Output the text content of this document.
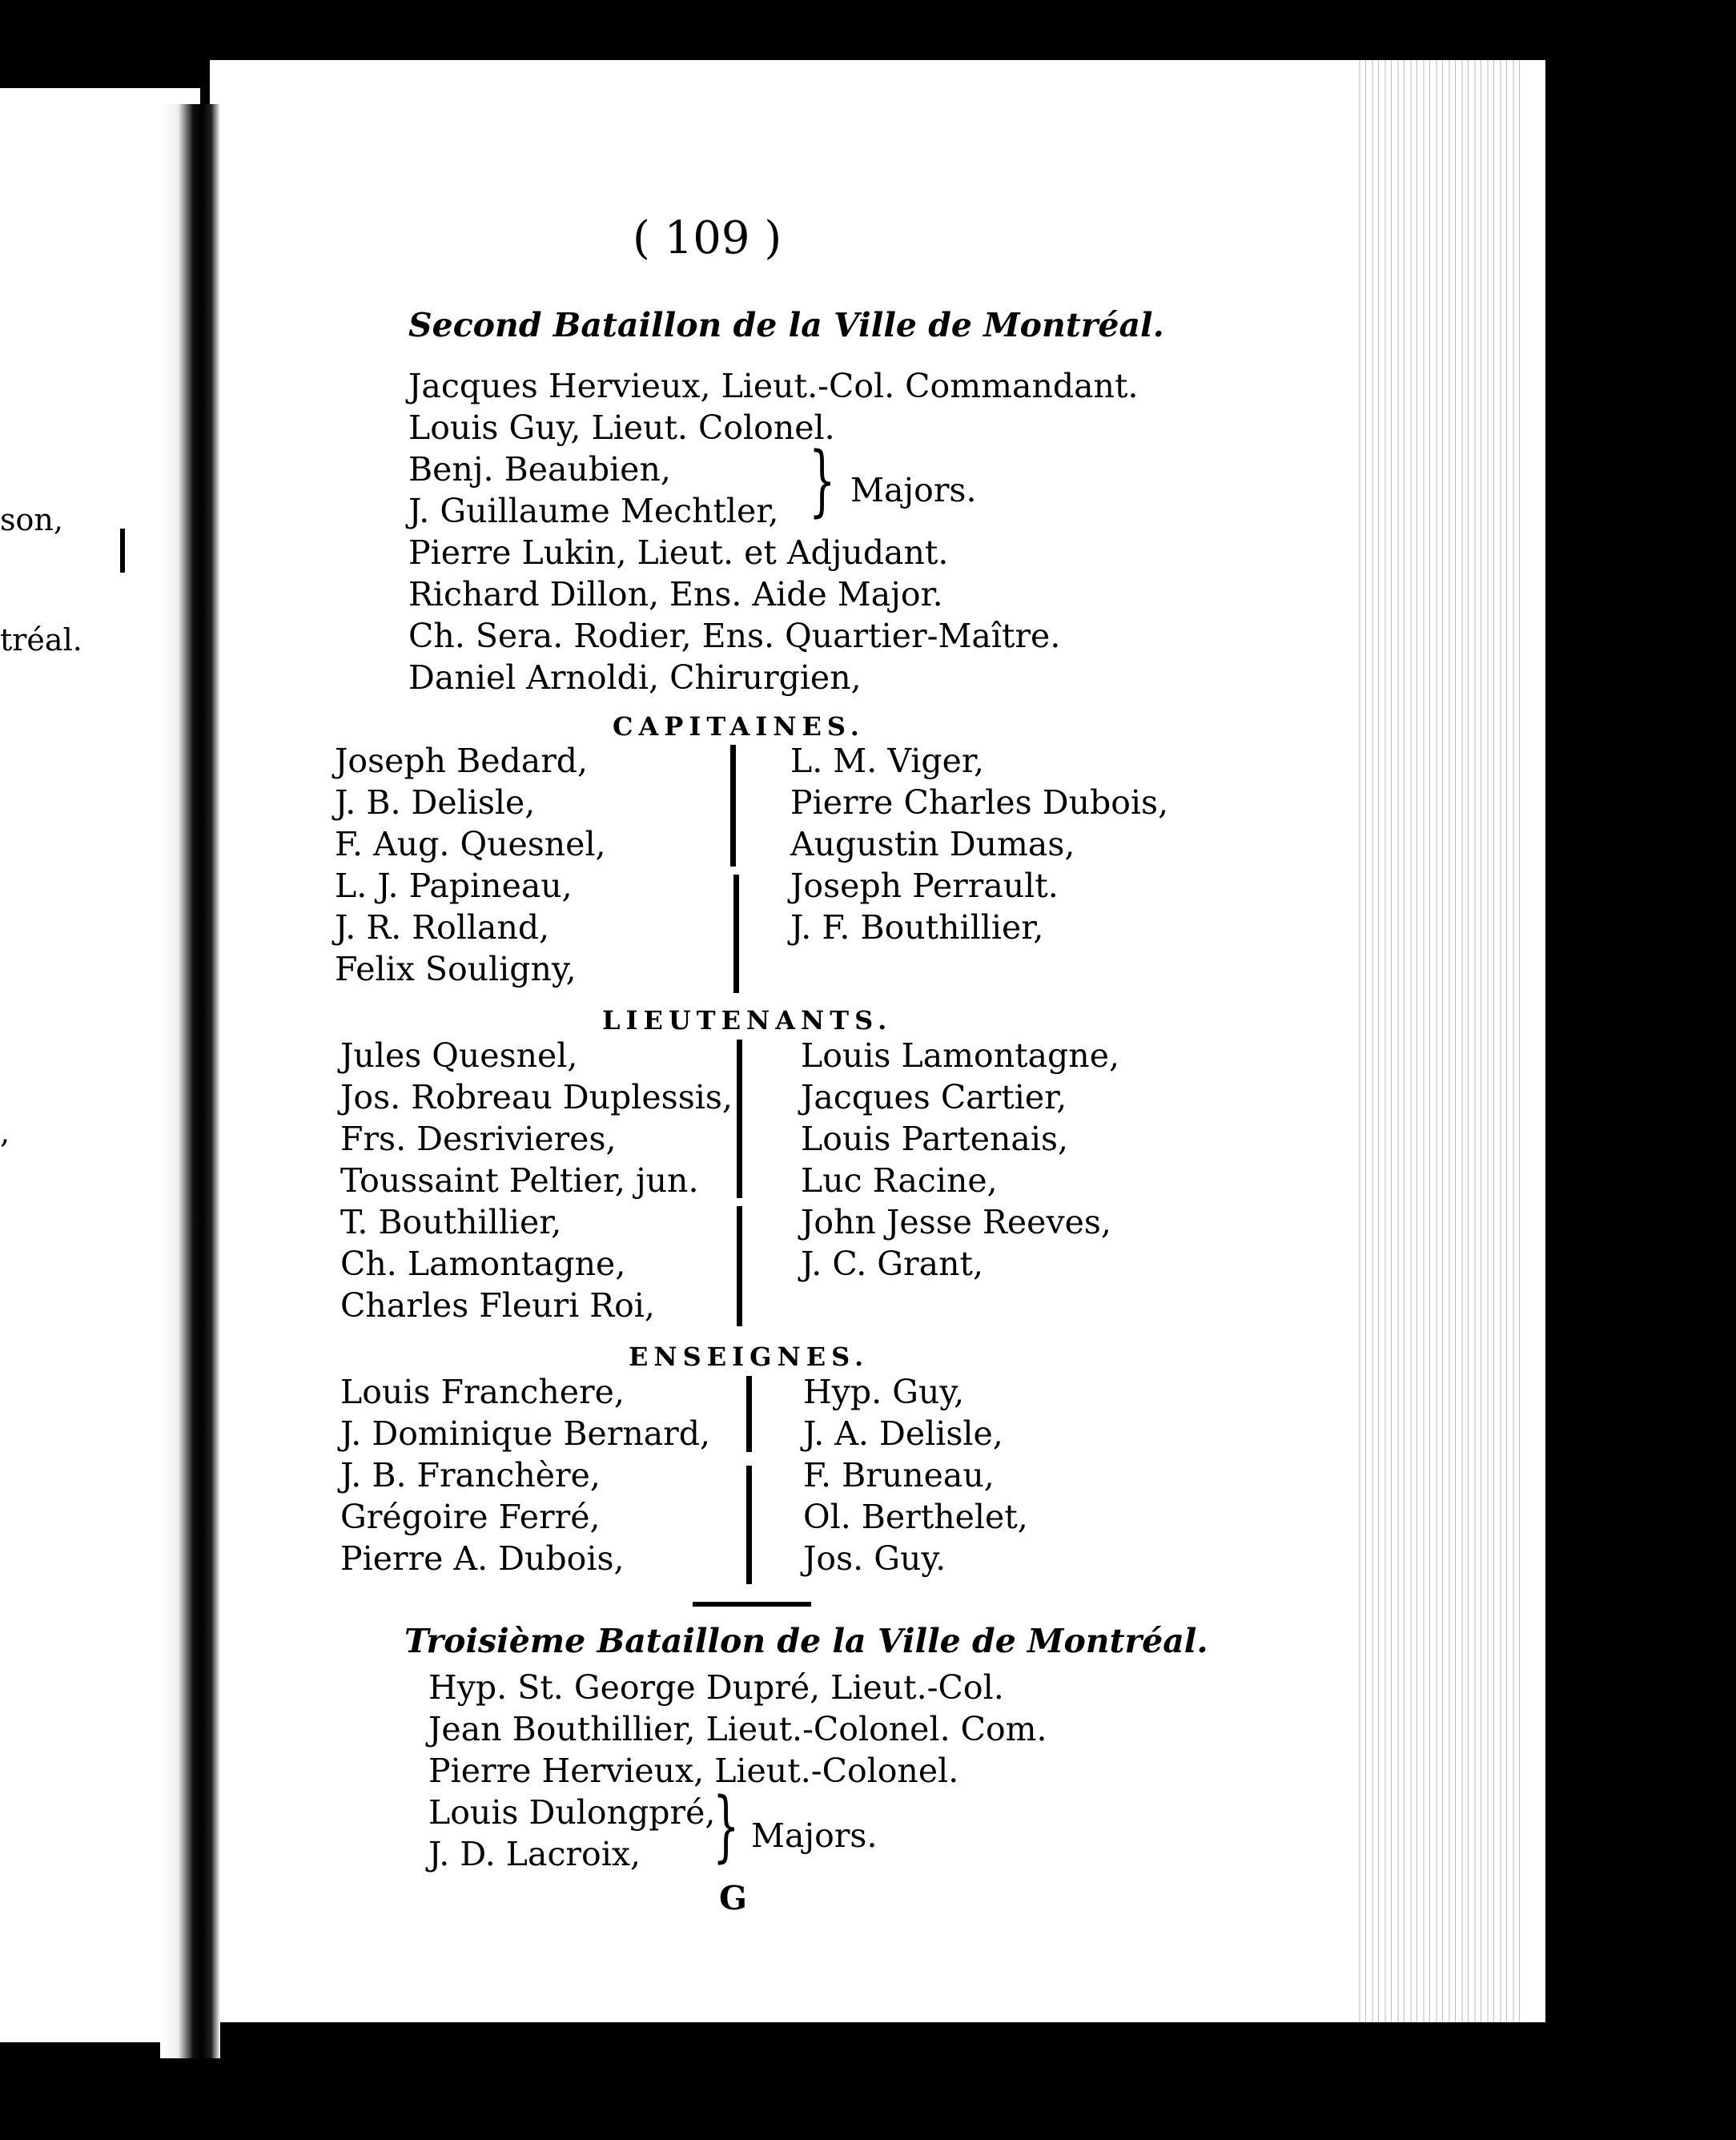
son,
tréal.
,
( 109 )
Second Bataillon de la Ville de Montréal.
Jacques Hervieux, Lieut.-Col. Commandant.
Louis Guy, Lieut. Colonel.
Benj. Beaubien,
J. Guillaume Mechtler, } Majors.
Pierre Lukin, Lieut. et Adjudant.
Richard Dillon, Ens. Aide Major.
Ch. Sera. Rodier, Ens. Quartier-Maître.
Daniel Arnoldi, Chirurgien,
CAPITAINES.
Joseph Bedard,
J. B. Delisle,
F. Aug. Quesnel,
L. J. Papineau,
J. R. Rolland,
Felix Souligny,
L. M. Viger,
Pierre Charles Dubois,
Augustin Dumas,
Joseph Perrault.
J. F. Bouthillier,
LIEUTENANTS.
Jules Quesnel,
Jos. Robreau Duplessis,
Frs. Desrivieres,
Toussaint Peltier, jun.
T. Bouthillier,
Ch. Lamontagne,
Charles Fleuri Roi,
Louis Lamontagne,
Jacques Cartier,
Louis Partenais,
Luc Racine,
John Jesse Reeves,
J. C. Grant,
ENSEIGNES.
Louis Franchere,
J. Dominique Bernard,
J. B. Franchère,
Grégoire Ferré,
Pierre A. Dubois,
Hyp. Guy,
J. A. Delisle,
F. Bruneau,
Ol. Berthelet,
Jos. Guy.
Troisième Bataillon de la Ville de Montréal.
Hyp. St. George Dupré, Lieut.-Col.
Jean Bouthillier, Lieut.-Colonel. Com.
Pierre Hervieux, Lieut.-Colonel.
Louis Dulongpré,
J. D. Lacroix, } Majors.
G
